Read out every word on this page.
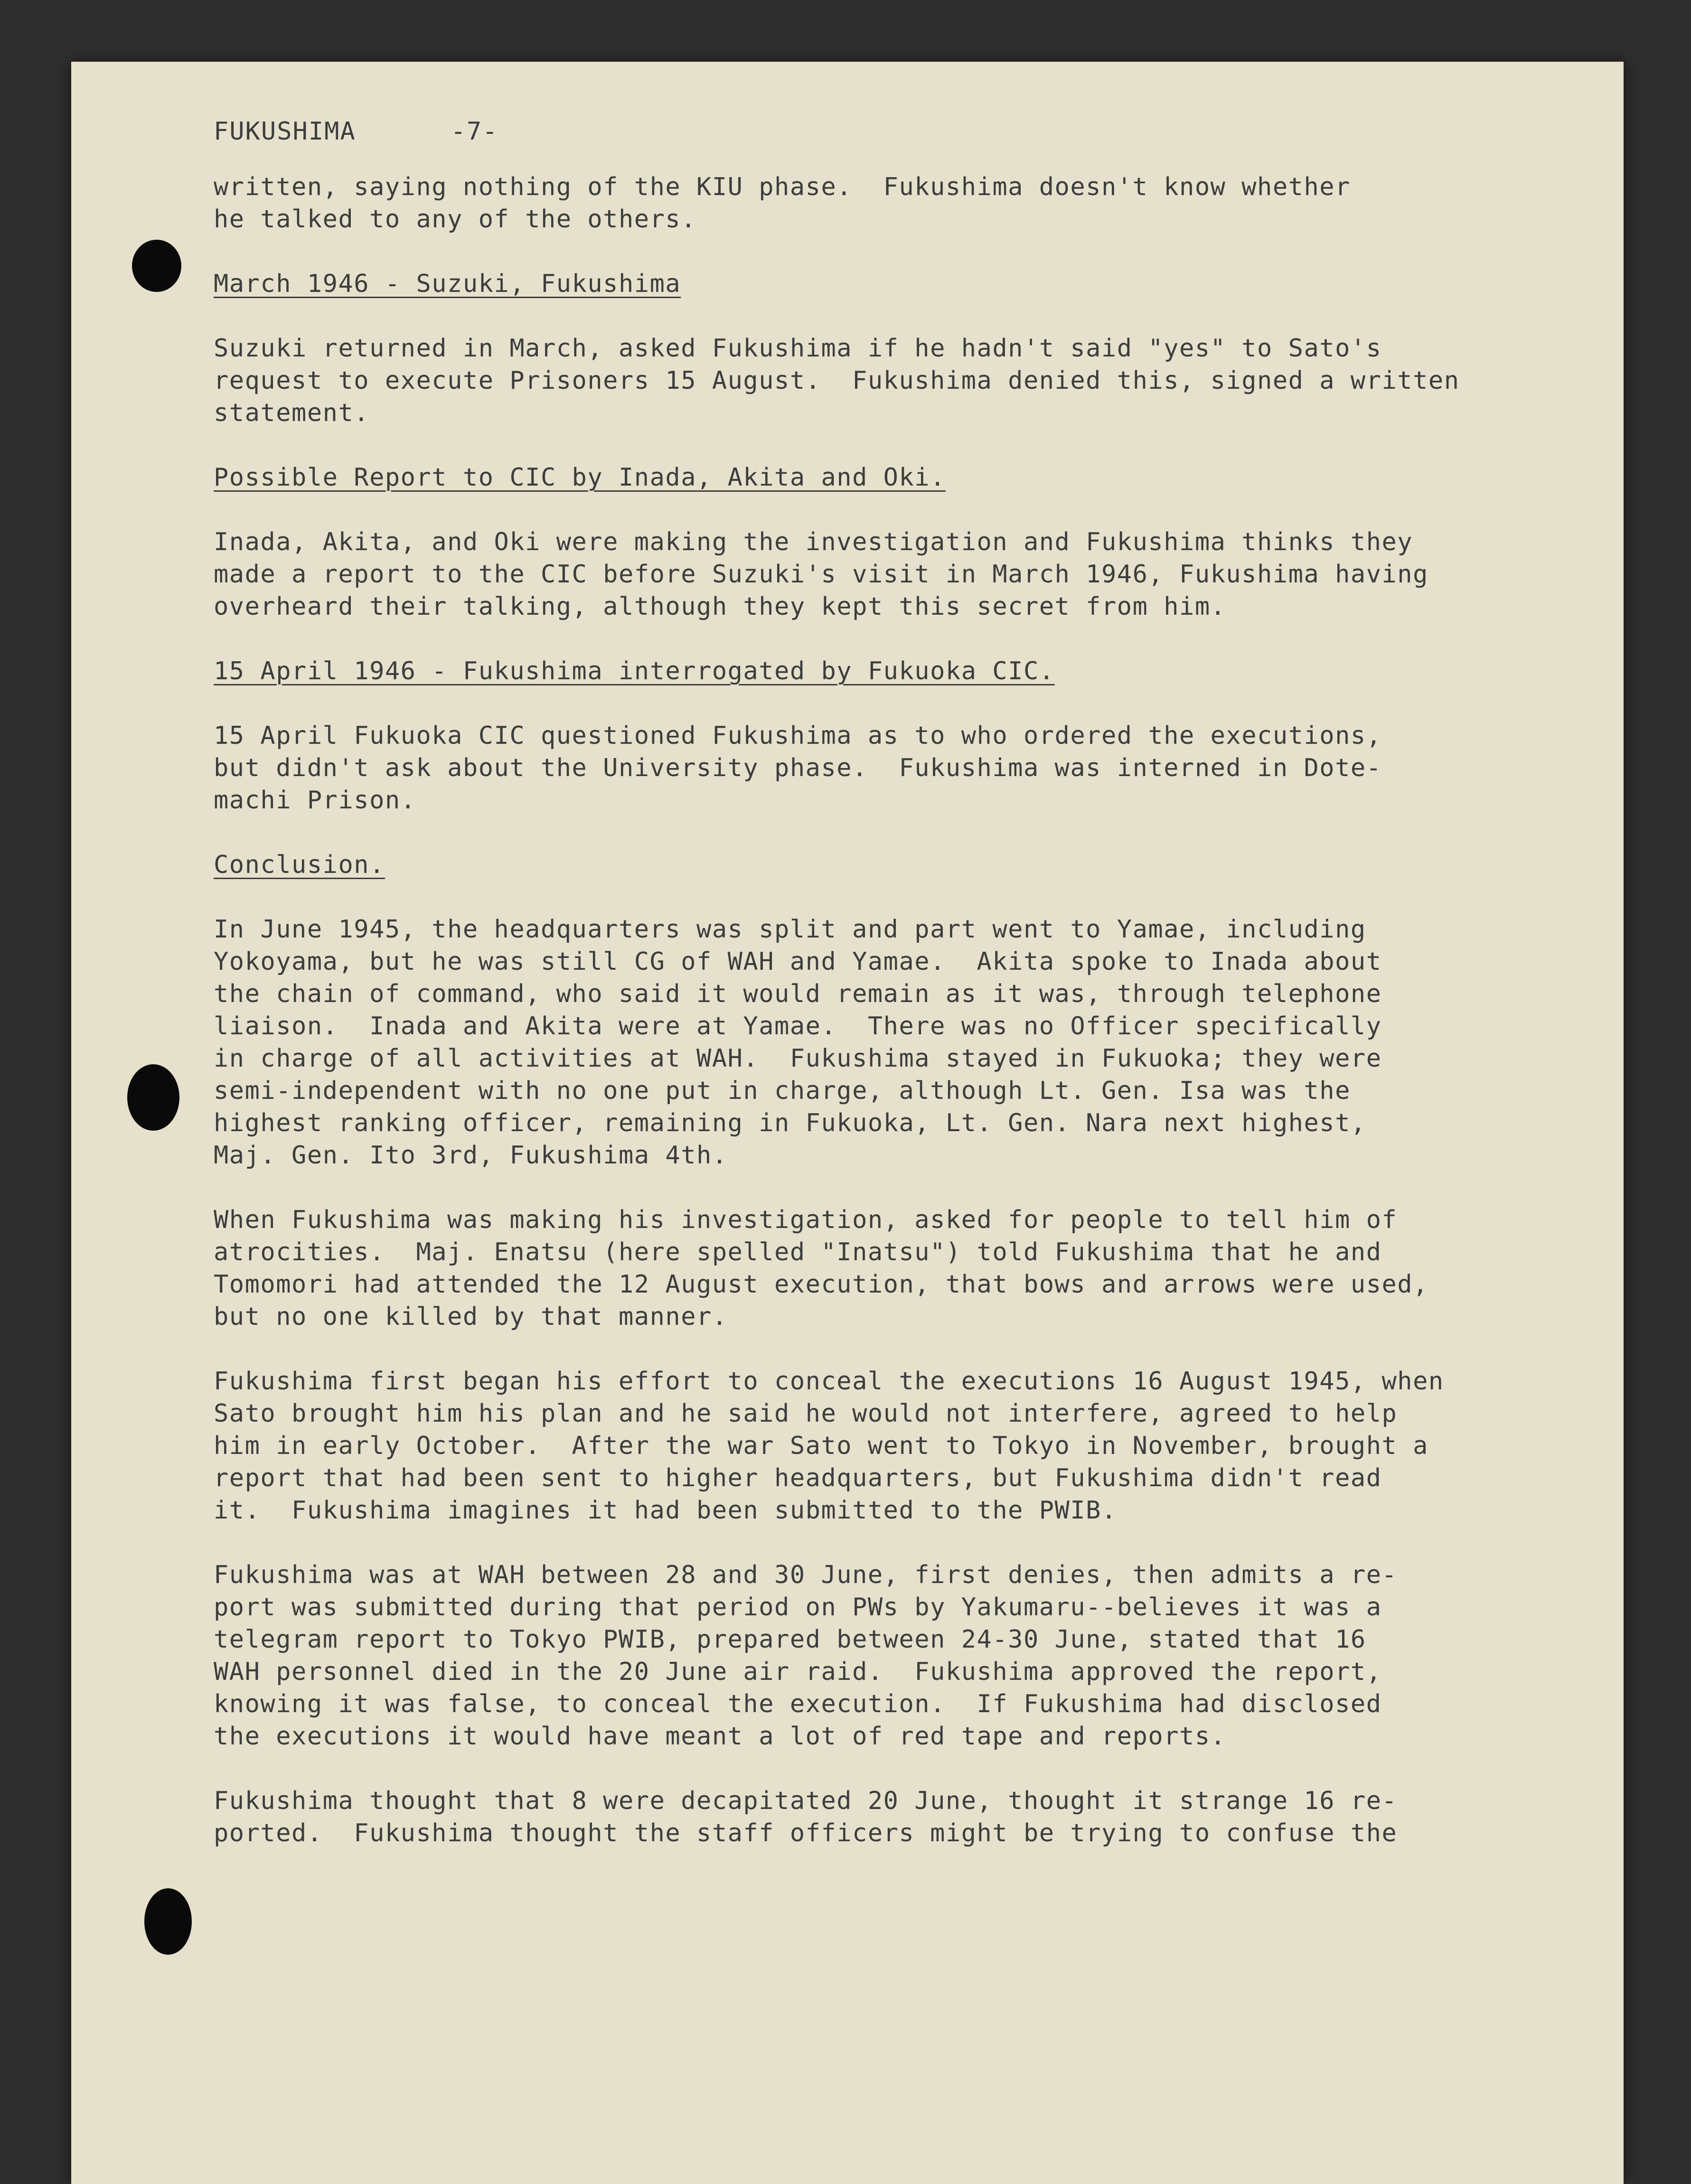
FUKUSHIMA	-7-
written, saying nothing of the KIU phase.  Fukushima doesn't know whether
he talked to any of the others.
March 1946 - Suzuki, Fukushima
Suzuki returned in March, asked Fukushima if he hadn't said "yes" to Sato's
request to execute Prisoners 15 August.  Fukushima denied this, signed a written
statement.
Possible Report to CIC by Inada, Akita and Oki.
Inada, Akita, and Oki were making the investigation and Fukushima thinks they
made a report to the CIC before Suzuki's visit in March 1946, Fukushima having
overheard their talking, although they kept this secret from him.
15 April 1946 - Fukushima interrogated by Fukuoka CIC.
15 April Fukuoka CIC questioned Fukushima as to who ordered the executions,
but didn't ask about the University phase.  Fukushima was interned in Dote-
machi Prison.
Conclusion.
In June 1945, the headquarters was split and part went to Yamae, including
Yokoyama, but he was still CG of WAH and Yamae.  Akita spoke to Inada about
the chain of command, who said it would remain as it was, through telephone
liaison.  Inada and Akita were at Yamae.  There was no Officer specifically
in charge of all activities at WAH.  Fukushima stayed in Fukuoka; they were
semi-independent with no one put in charge, although Lt. Gen. Isa was the
highest ranking officer, remaining in Fukuoka, Lt. Gen. Nara next highest,
Maj. Gen. Ito 3rd, Fukushima 4th.
When Fukushima was making his investigation, asked for people to tell him of
atrocities.  Maj. Enatsu (here spelled "Inatsu") told Fukushima that he and
Tomomori had attended the 12 August execution, that bows and arrows were used,
but no one killed by that manner.
Fukushima first began his effort to conceal the executions 16 August 1945, when
Sato brought him his plan and he said he would not interfere, agreed to help
him in early October.  After the war Sato went to Tokyo in November, brought a
report that had been sent to higher headquarters, but Fukushima didn't read
it.  Fukushima imagines it had been submitted to the PWIB.
Fukushima was at WAH between 28 and 30 June, first denies, then admits a re-
port was submitted during that period on PWs by Yakumaru--believes it was a
telegram report to Tokyo PWIB, prepared between 24-30 June, stated that 16
WAH personnel died in the 20 June air raid.  Fukushima approved the report,
knowing it was false, to conceal the execution.  If Fukushima had disclosed
the executions it would have meant a lot of red tape and reports.
Fukushima thought that 8 were decapitated 20 June, thought it strange 16 re-
ported.  Fukushima thought the staff officers might be trying to confuse the
